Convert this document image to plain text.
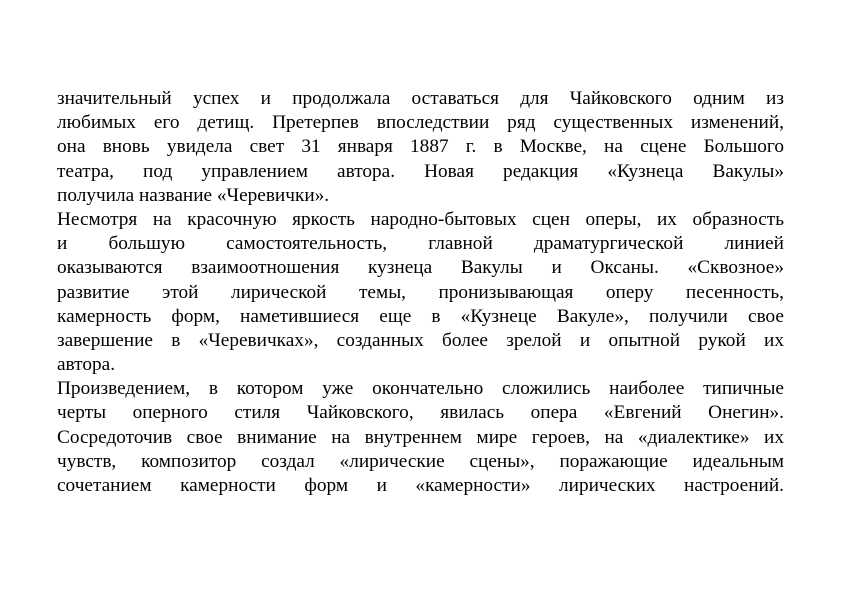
значительный успех и продолжала оставаться для Чайковского одним из
любимых его детищ. Претерпев впоследствии ряд существенных изменений,
она вновь увидела свет 31 января 1887 г. в Москве, на сцене Большого
театра, под управлением автора. Новая редакция «Кузнеца Вакулы»
получила название «Черевички».
Несмотря на красочную яркость народно-бытовых сцен оперы, их образность
и большую самостоятельность, главной драматургической линией
оказываются взаимоотношения кузнеца Вакулы и Оксаны. «Сквозное»
развитие этой лирической темы, пронизывающая оперу песенность,
камерность форм, наметившиеся еще в «Кузнеце Вакуле», получили свое
завершение в «Черевичках», созданных более зрелой и опытной рукой их
автора.
Произведением, в котором уже окончательно сложились наиболее типичные
черты оперного стиля Чайковского, явилась опера «Евгений Онегин».
Сосредоточив свое внимание на внутреннем мире героев, на «диалектике» их
чувств, композитор создал «лирические сцены», поражающие идеальным
сочетанием камерности форм и «камерности» лирических настроений.
